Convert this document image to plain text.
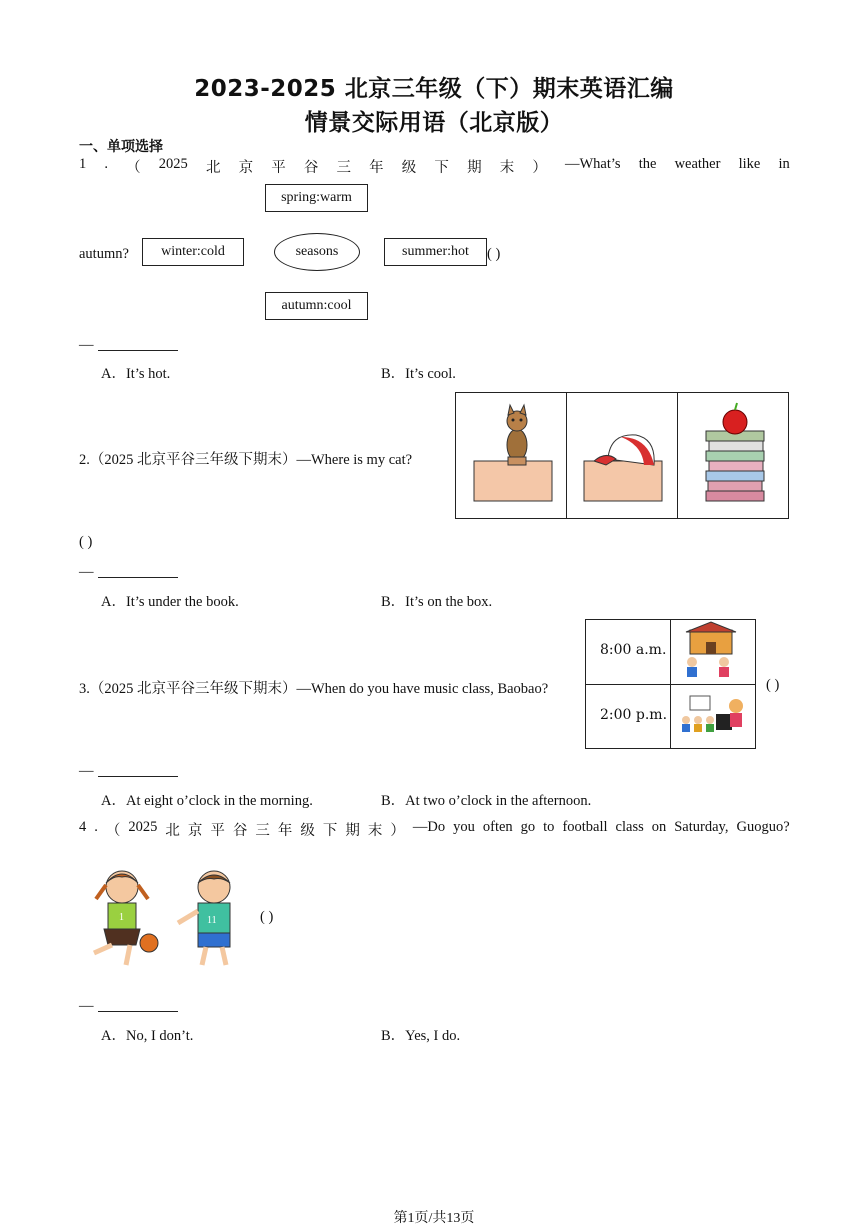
2023-2025 北京三年级（下）期末英语汇编
情景交际用语（北京版）
一、单项选择
1 . （ 2025 北 京 平 谷 三 年 级 下 期 末 ） —What’s the weather like in
spring:warm
autumn?	winter:cold	seasons	summer:hot	( )
autumn:cool
—
A．It’s hot.	B．It’s cool.
2.（2025 北京平谷三年级下期末）—Where is my cat?
( )
—
A．It’s under the book.	B．It’s on the box.
3.（2025 北京平谷三年级下期末）—When do you have music class, Baobao?
8:00 a.m.
2:00 p.m.
( )
—
A．At eight o’clock in the morning.	B．At two o’clock in the afternoon.
4 . （ 2025 北 京 平 谷 三 年 级 下 期 末 ） —Do you often go to football class on Saturday, Guoguo?
1	11	( )
—
A．No, I don’t.	B．Yes, I do.
第1页/共13页
